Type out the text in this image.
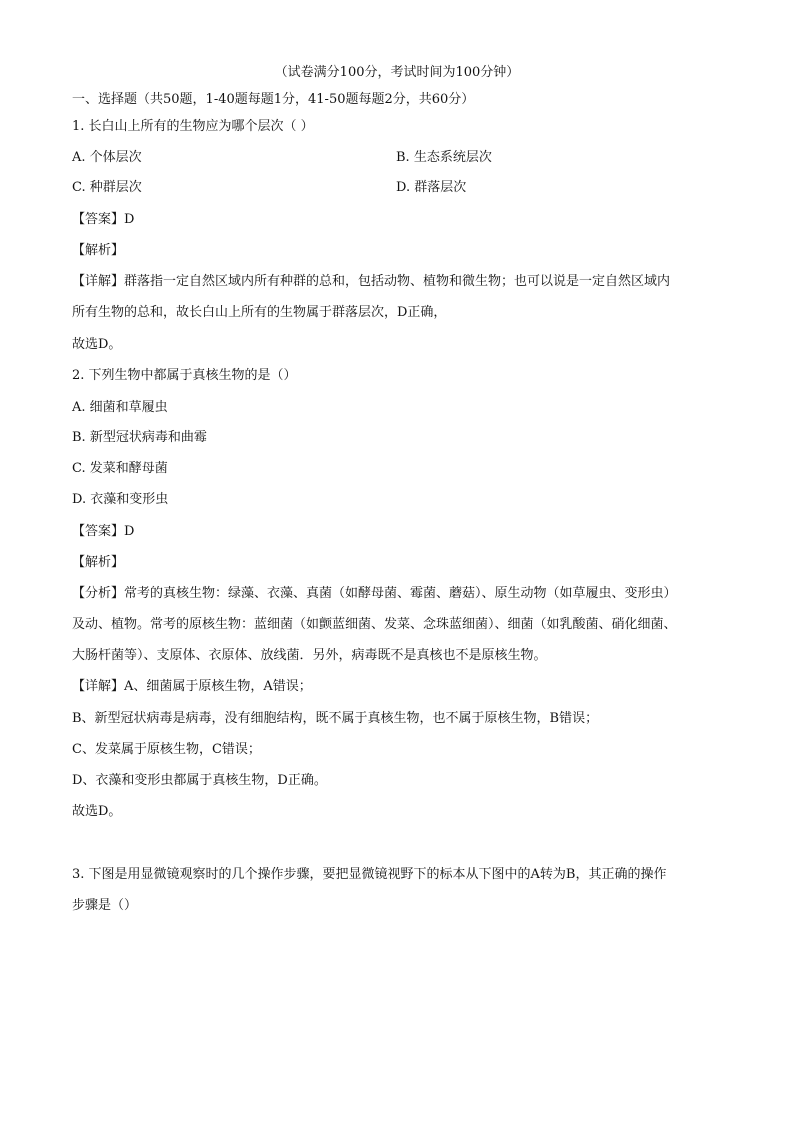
（试卷满分100分，考试时间为100分钟）
一、选择题（共50题，1-40题每题1分，41-50题每题2分，共60分）
1. 长白山上所有的生物应为哪个层次（ ）
A. 个体层次	B. 生态系统层次
C. 种群层次	D. 群落层次
【答案】D
【解析】
【详解】群落指一定自然区域内所有种群的总和，包括动物、植物和微生物；也可以说是一定自然区域内
所有生物的总和，故长白山上所有的生物属于群落层次，D正确，
故选D。
2. 下列生物中都属于真核生物的是（）
A. 细菌和草履虫
B. 新型冠状病毒和曲霉
C. 发菜和酵母菌
D. 衣藻和变形虫
【答案】D
【解析】
【分析】常考的真核生物：绿藻、衣藻、真菌（如酵母菌、霉菌、蘑菇）、原生动物（如草履虫、变形虫）
及动、植物。常考的原核生物：蓝细菌（如颤蓝细菌、发菜、念珠蓝细菌）、细菌（如乳酸菌、硝化细菌、
大肠杆菌等）、支原体、衣原体、放线菌．另外，病毒既不是真核也不是原核生物。
【详解】A、细菌属于原核生物，A错误；
B、新型冠状病毒是病毒，没有细胞结构，既不属于真核生物，也不属于原核生物，B错误；
C、发菜属于原核生物，C错误；
D、衣藻和变形虫都属于真核生物，D正确。
故选D。
3. 下图是用显微镜观察时的几个操作步骤，要把显微镜视野下的标本从下图中的A转为B，其正确的操作
步骤是（）
